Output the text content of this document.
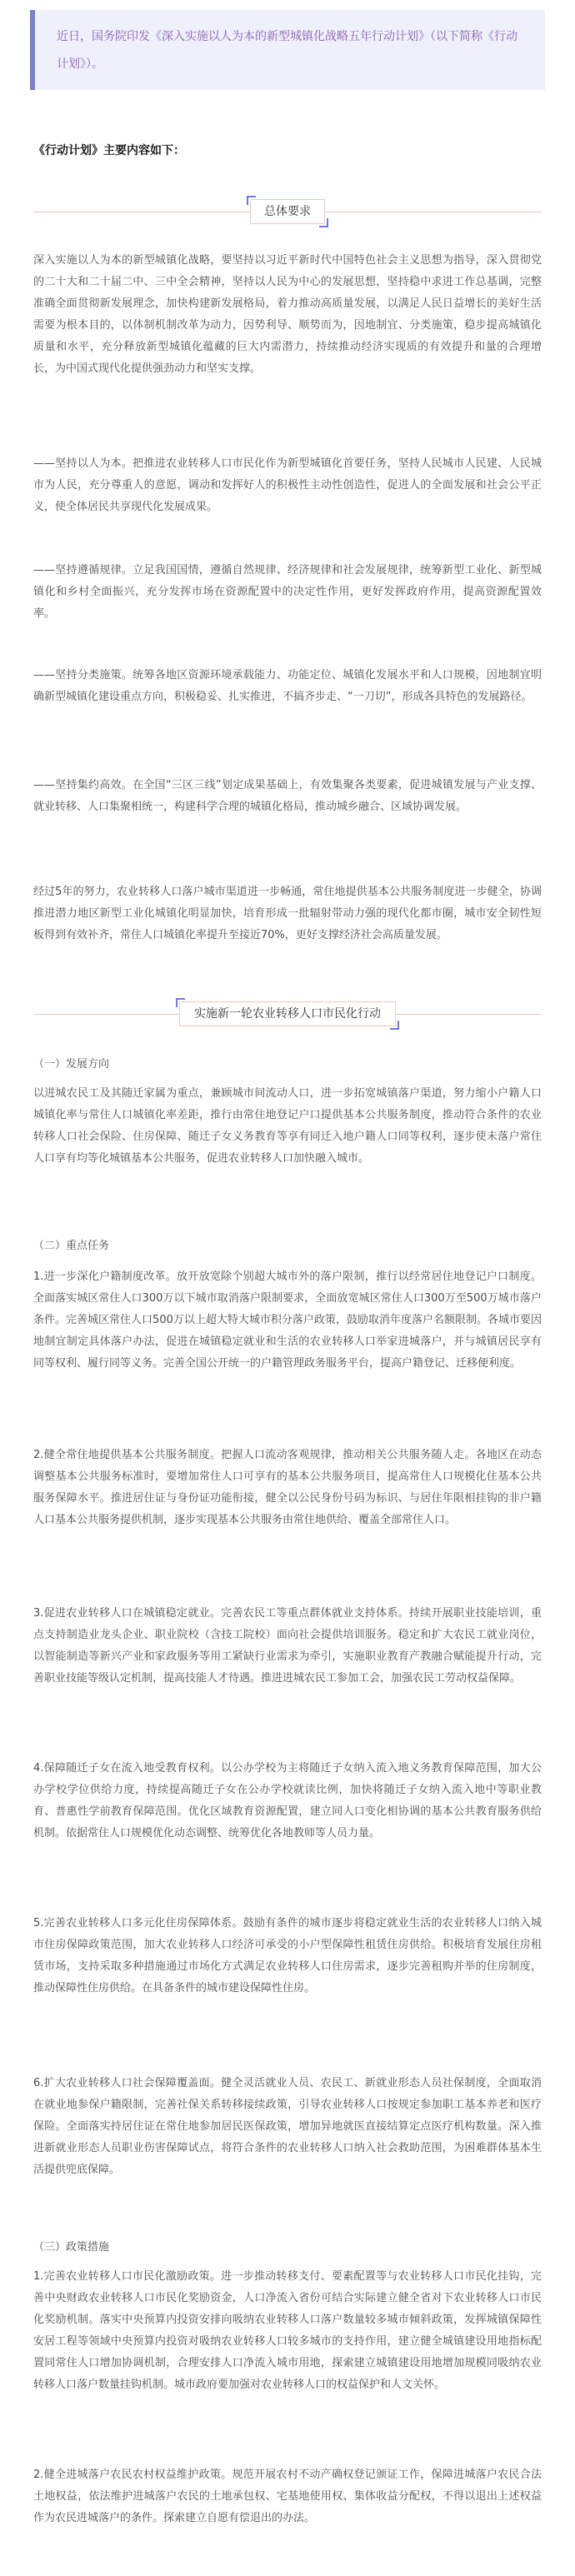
近日，国务院印发《深入实施以人为本的新型城镇化战略五年行动计划》（以下简称《行动计划》）。

《行动计划》主要内容如下：

总体要求

深入实施以人为本的新型城镇化战略，要坚持以习近平新时代中国特色社会主义思想为指导，深入贯彻党的二十大和二十届二中、三中全会精神，坚持以人民为中心的发展思想，坚持稳中求进工作总基调，完整准确全面贯彻新发展理念，加快构建新发展格局，着力推动高质量发展，以满足人民日益增长的美好生活需要为根本目的，以体制机制改革为动力，因势利导、顺势而为，因地制宜、分类施策，稳步提高城镇化质量和水平，充分释放新型城镇化蕴藏的巨大内需潜力，持续推动经济实现质的有效提升和量的合理增长，为中国式现代化提供强劲动力和坚实支撑。

——坚持以人为本。把推进农业转移人口市民化作为新型城镇化首要任务，坚持人民城市人民建、人民城市为人民，充分尊重人的意愿，调动和发挥好人的积极性主动性创造性，促进人的全面发展和社会公平正义，使全体居民共享现代化发展成果。

——坚持遵循规律。立足我国国情，遵循自然规律、经济规律和社会发展规律，统筹新型工业化、新型城镇化和乡村全面振兴，充分发挥市场在资源配置中的决定性作用，更好发挥政府作用，提高资源配置效率。

——坚持分类施策。统筹各地区资源环境承载能力、功能定位、城镇化发展水平和人口规模，因地制宜明确新型城镇化建设重点方向，积极稳妥、扎实推进，不搞齐步走、“一刀切”，形成各具特色的发展路径。

——坚持集约高效。在全国“三区三线”划定成果基础上，有效集聚各类要素，促进城镇发展与产业支撑、就业转移、人口集聚相统一，构建科学合理的城镇化格局，推动城乡融合、区域协调发展。

经过5年的努力，农业转移人口落户城市渠道进一步畅通，常住地提供基本公共服务制度进一步健全，协调推进潜力地区新型工业化城镇化明显加快，培育形成一批辐射带动力强的现代化都市圈，城市安全韧性短板得到有效补齐，常住人口城镇化率提升至接近70%，更好支撑经济社会高质量发展。

实施新一轮农业转移人口市民化行动

（一）发展方向

以进城农民工及其随迁家属为重点，兼顾城市间流动人口，进一步拓宽城镇落户渠道，努力缩小户籍人口城镇化率与常住人口城镇化率差距，推行由常住地登记户口提供基本公共服务制度，推动符合条件的农业转移人口社会保险、住房保障、随迁子女义务教育等享有同迁入地户籍人口同等权利，逐步使未落户常住人口享有均等化城镇基本公共服务，促进农业转移人口加快融入城市。

（二）重点任务

1.进一步深化户籍制度改革。放开放宽除个别超大城市外的落户限制，推行以经常居住地登记户口制度。全面落实城区常住人口300万以下城市取消落户限制要求，全面放宽城区常住人口300万至500万城市落户条件。完善城区常住人口500万以上超大特大城市积分落户政策，鼓励取消年度落户名额限制。各城市要因地制宜制定具体落户办法，促进在城镇稳定就业和生活的农业转移人口举家进城落户，并与城镇居民享有同等权利、履行同等义务。完善全国公开统一的户籍管理政务服务平台，提高户籍登记、迁移便利度。

2.健全常住地提供基本公共服务制度。把握人口流动客观规律，推动相关公共服务随人走。各地区在动态调整基本公共服务标准时，要增加常住人口可享有的基本公共服务项目，提高常住人口规模化住基本公共服务保障水平。推进居住证与身份证功能衔接，健全以公民身份号码为标识、与居住年限相挂钩的非户籍人口基本公共服务提供机制，逐步实现基本公共服务由常住地供给、覆盖全部常住人口。

3.促进农业转移人口在城镇稳定就业。完善农民工等重点群体就业支持体系。持续开展职业技能培训，重点支持制造业龙头企业、职业院校（含技工院校）面向社会提供培训服务。稳定和扩大农民工就业岗位，以智能制造等新兴产业和家政服务等用工紧缺行业需求为牵引，实施职业教育产教融合赋能提升行动，完善职业技能等级认定机制，提高技能人才待遇。推进进城农民工参加工会，加强农民工劳动权益保障。

4.保障随迁子女在流入地受教育权利。以公办学校为主将随迁子女纳入流入地义务教育保障范围，加大公办学校学位供给力度，持续提高随迁子女在公办学校就读比例，加快将随迁子女纳入流入地中等职业教育、普惠性学前教育保障范围。优化区域教育资源配置，建立同人口变化相协调的基本公共教育服务供给机制。依据常住人口规模优化动态调整、统筹优化各地教师等人员力量。

5.完善农业转移人口多元化住房保障体系。鼓励有条件的城市逐步将稳定就业生活的农业转移人口纳入城市住房保障政策范围，加大农业转移人口经济可承受的小户型保障性租赁住房供给。积极培育发展住房租赁市场，支持采取多种措施通过市场化方式满足农业转移人口住房需求，逐步完善租购并举的住房制度，推动保障性住房供给。在具备条件的城市建设保障性住房。

6.扩大农业转移人口社会保障覆盖面。健全灵活就业人员、农民工、新就业形态人员社保制度，全面取消在就业地参保户籍限制，完善社保关系转移接续政策，引导农业转移人口按规定参加职工基本养老和医疗保险。全面落实持居住证在常住地参加居民医保政策，增加异地就医直接结算定点医疗机构数量。深入推进新就业形态人员职业伤害保障试点，将符合条件的农业转移人口纳入社会救助范围，为困难群体基本生活提供兜底保障。

（三）政策措施

1.完善农业转移人口市民化激励政策。进一步推动转移支付、要素配置等与农业转移人口市民化挂钩，完善中央财政农业转移人口市民化奖励资金，人口净流入省份可结合实际建立健全省对下农业转移人口市民化奖励机制。落实中央预算内投资安排向吸纳农业转移人口落户数量较多城市倾斜政策，发挥城镇保障性安居工程等领域中央预算内投资对吸纳农业转移人口较多城市的支持作用，建立健全城镇建设用地指标配置同常住人口增加协调机制，合理安排人口净流入城市用地，探索建立城镇建设用地增加规模同吸纳农业转移人口落户数量挂钩机制。城市政府要加强对农业转移人口的权益保护和人文关怀。

2.健全进城落户农民农村权益维护政策。规范开展农村不动产确权登记颁证工作，保障进城落户农民合法土地权益，依法维护进城落户农民的土地承包权、宅基地使用权、集体收益分配权，不得以退出上述权益作为农民进城落户的条件。探索建立自愿有偿退出的办法。
